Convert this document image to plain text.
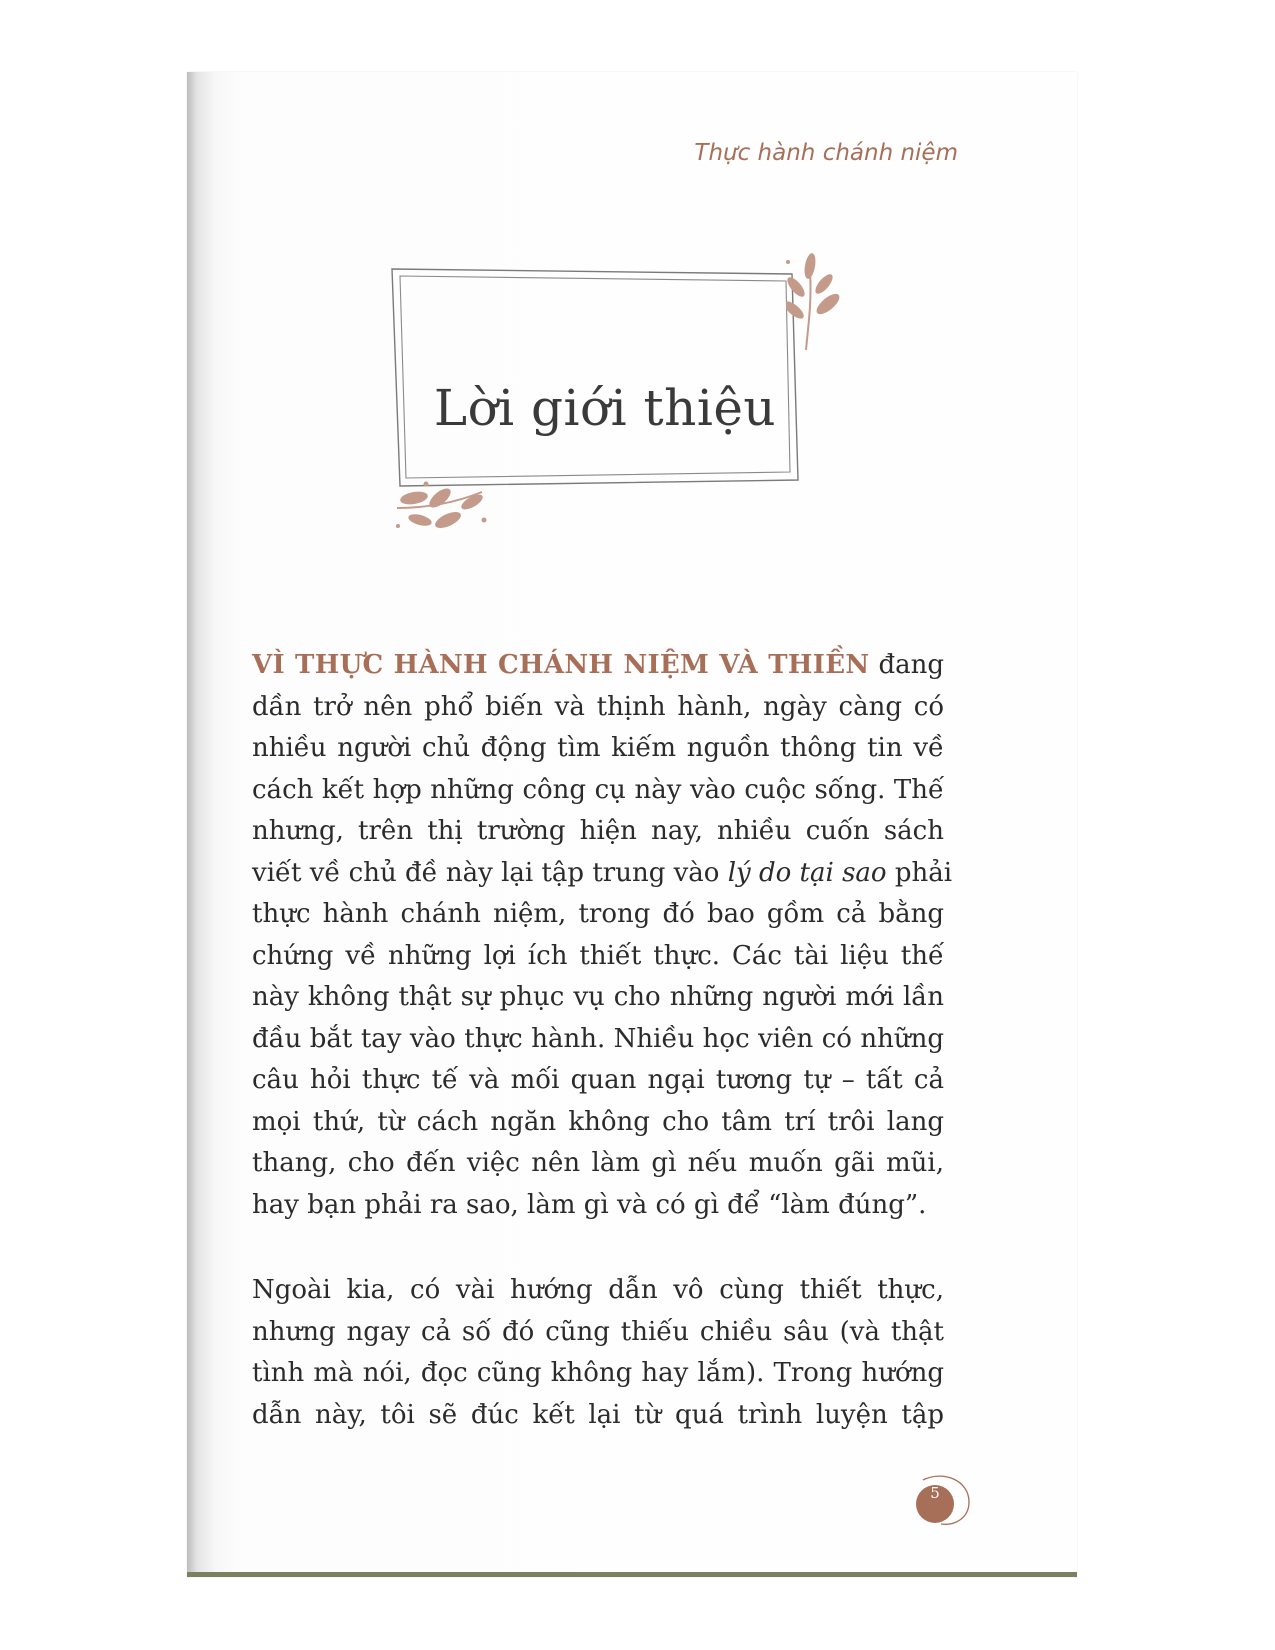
Thực hành chánh niệm
Lời giới thiệu
VÌ THỰC HÀNH CHÁNH NIỆM VÀ THIỀN đang
dần trở nên phổ biến và thịnh hành, ngày càng có
nhiều người chủ động tìm kiếm nguồn thông tin về
cách kết hợp những công cụ này vào cuộc sống. Thế
nhưng, trên thị trường hiện nay, nhiều cuốn sách
viết về chủ đề này lại tập trung vào lý do tại sao phải
thực hành chánh niệm, trong đó bao gồm cả bằng
chứng về những lợi ích thiết thực. Các tài liệu thế
này không thật sự phục vụ cho những người mới lần
đầu bắt tay vào thực hành. Nhiều học viên có những
câu hỏi thực tế và mối quan ngại tương tự – tất cả
mọi thứ, từ cách ngăn không cho tâm trí trôi lang
thang, cho đến việc nên làm gì nếu muốn gãi mũi,
hay bạn phải ra sao, làm gì và có gì để “làm đúng”.
Ngoài kia, có vài hướng dẫn vô cùng thiết thực,
nhưng ngay cả số đó cũng thiếu chiều sâu (và thật
tình mà nói, đọc cũng không hay lắm). Trong hướng
dẫn này, tôi sẽ đúc kết lại từ quá trình luyện tập
5
